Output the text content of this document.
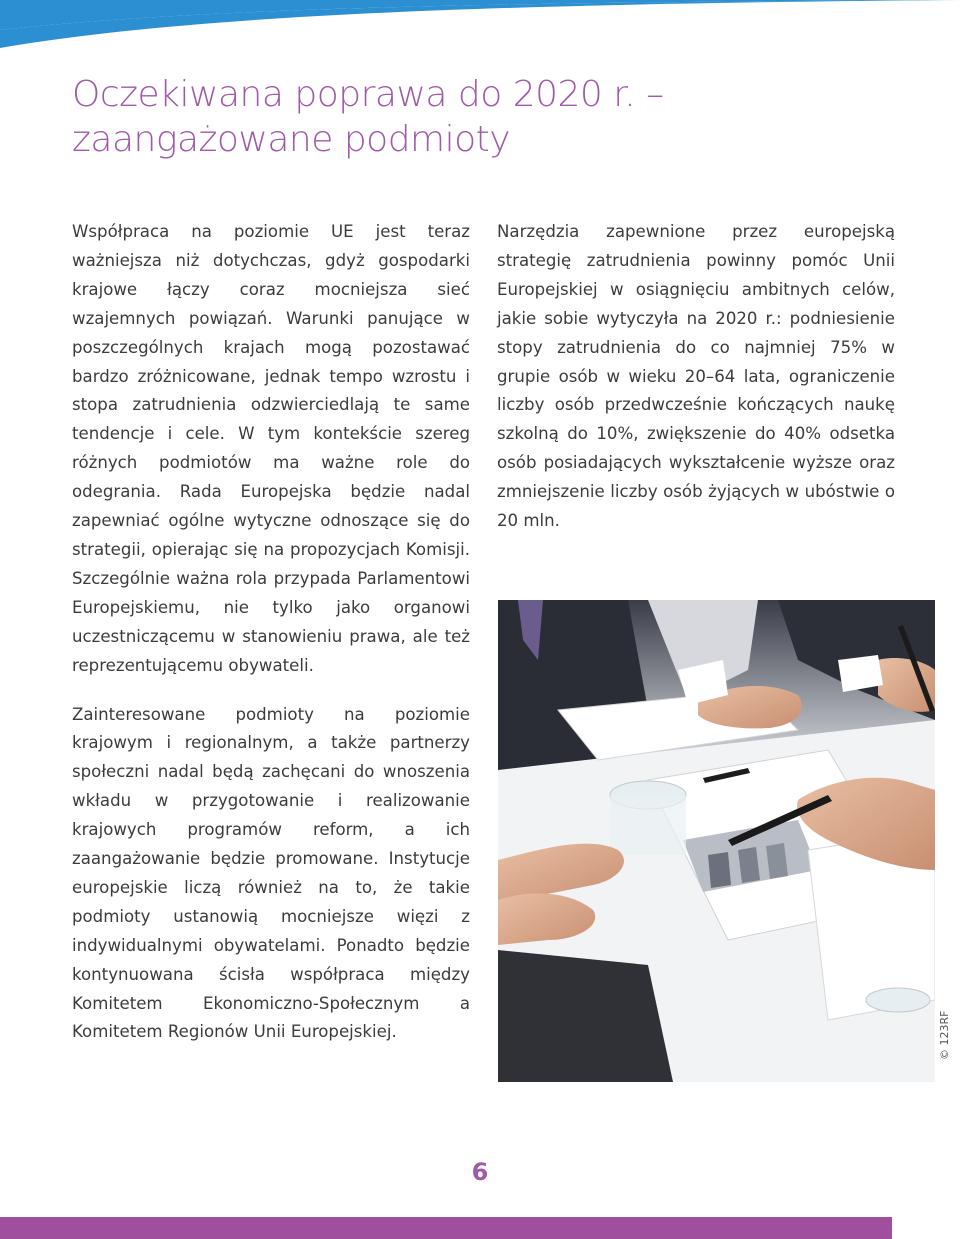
Oczekiwana poprawa do 2020 r. –
zaangażowane podmioty

Współpraca na poziomie UE jest teraz ważniejsza niż dotychczas, gdyż gospodarki krajowe łączy coraz mocniejsza sieć wzajemnych powiązań. Warunki panujące w poszczególnych krajach mogą pozostawać bardzo zróżnicowane, jednak tempo wzrostu i stopa zatrudnienia odzwierciedlają te same tendencje i cele. W tym kontekście szereg różnych podmiotów ma ważne role do odegrania. Rada Europejska będzie nadal zapewniać ogólne wytyczne odnoszące się do strategii, opierając się na propozycjach Komisji. Szczególnie ważna rola przypada Parlamentowi Europejskiemu, nie tylko jako organowi uczestniczącemu w stanowieniu prawa, ale też reprezentującemu obywateli.

Zainteresowane podmioty na poziomie krajowym i regionalnym, a także partnerzy społeczni nadal będą zachęcani do wnoszenia wkładu w przygotowanie i realizowanie krajowych programów reform, a ich zaangażowanie będzie promowane. Instytucje europejskie liczą również na to, że takie podmioty ustanowią mocniejsze więzi z indywidualnymi obywatelami. Ponadto będzie kontynuowana ścisła współpraca między Komitetem Ekonomiczno-Społecznym a Komitetem Regionów Unii Europejskiej.

Narzędzia zapewnione przez europejską strategię zatrudnienia powinny pomóc Unii Europejskiej w osiągnięciu ambitnych celów, jakie sobie wytyczyła na 2020 r.: podniesienie stopy zatrudnienia do co najmniej 75% w grupie osób w wieku 20–64 lata, ograniczenie liczby osób przedwcześnie kończących naukę szkolną do 10%, zwiększenie do 40% odsetka osób posiadających wykształcenie wyższe oraz zmniejszenie liczby osób żyjących w ubóstwie o 20 mln.

© 123RF
6
